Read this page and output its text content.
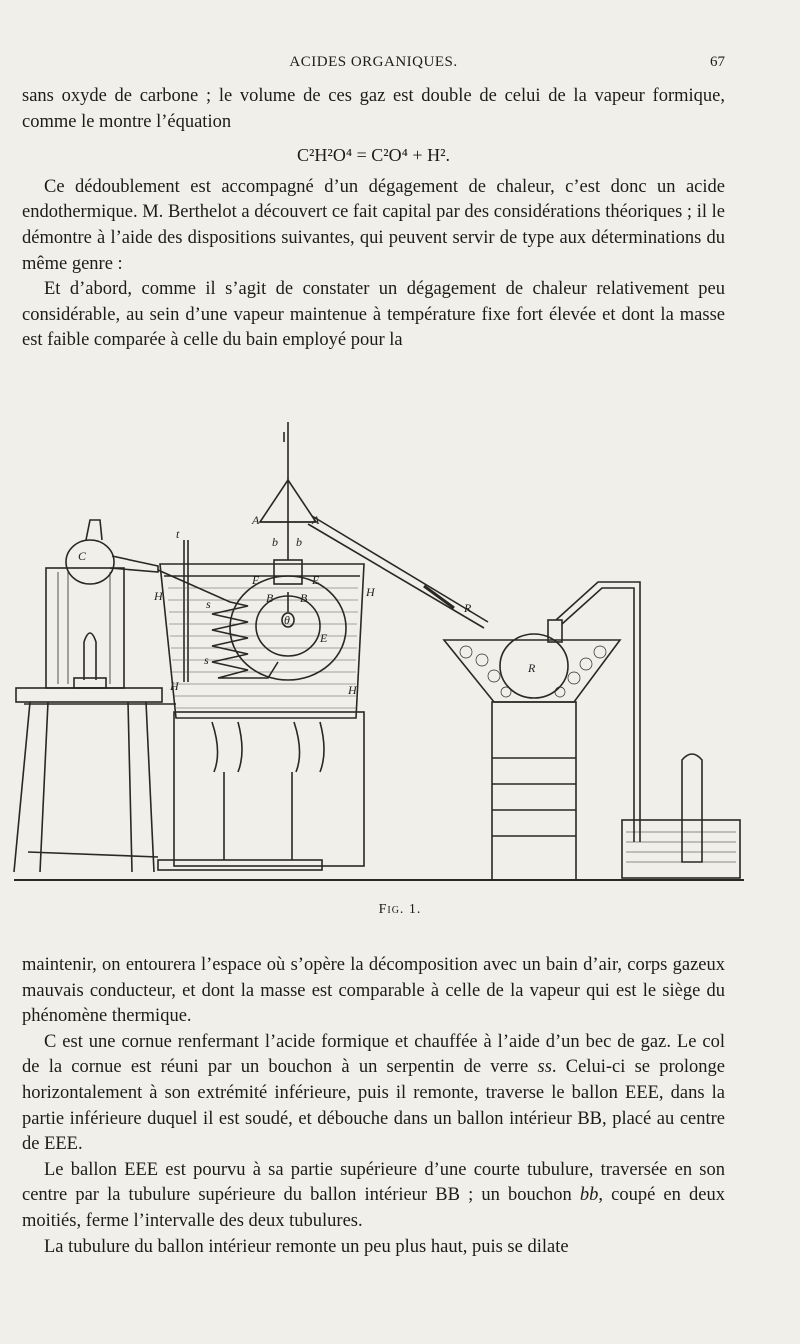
ACIDES ORGANIQUES.	67

sans oxyde de carbone ; le volume de ces gaz est double de celui de la vapeur formique, comme le montre l’équation

C²H²O⁴ = C²O⁴ + H².

Ce dédoublement est accompagné d’un dégagement de chaleur, c’est donc un acide endothermique. M. Berthelot a découvert ce fait capital par des considérations théoriques ; il le démontre à l’aide des dispositions suivantes, qui peuvent servir de type aux déterminations du même genre :

Et d’abord, comme il s’agit de constater un dégagement de chaleur relativement peu considérable, au sein d’une vapeur maintenue à température fixe fort élevée et dont la masse est faible comparée à celle du bain employé pour la

C
t
A	A
b b
B B
E	E
E
H	H
H	H
R
R
s
s
θ
Fig. 1.

maintenir, on entourera l’espace où s’opère la décomposition avec un bain d’air, corps gazeux mauvais conducteur, et dont la masse est comparable à celle de la vapeur qui est le siège du phénomène thermique.

C est une cornue renfermant l’acide formique et chauffée à l’aide d’un bec de gaz. Le col de la cornue est réuni par un bouchon à un serpentin de verre ss. Celui-ci se prolonge horizontalement à son extrémité inférieure, puis il remonte, traverse le ballon EEE, dans la partie inférieure duquel il est soudé, et débouche dans un ballon intérieur BB, placé au centre de EEE.

Le ballon EEE est pourvu à sa partie supérieure d’une courte tubulure, traversée en son centre par la tubulure supérieure du ballon intérieur BB ; un bouchon bb, coupé en deux moitiés, ferme l’intervalle des deux tubulures.

La tubulure du ballon intérieur remonte un peu plus haut, puis se dilate
